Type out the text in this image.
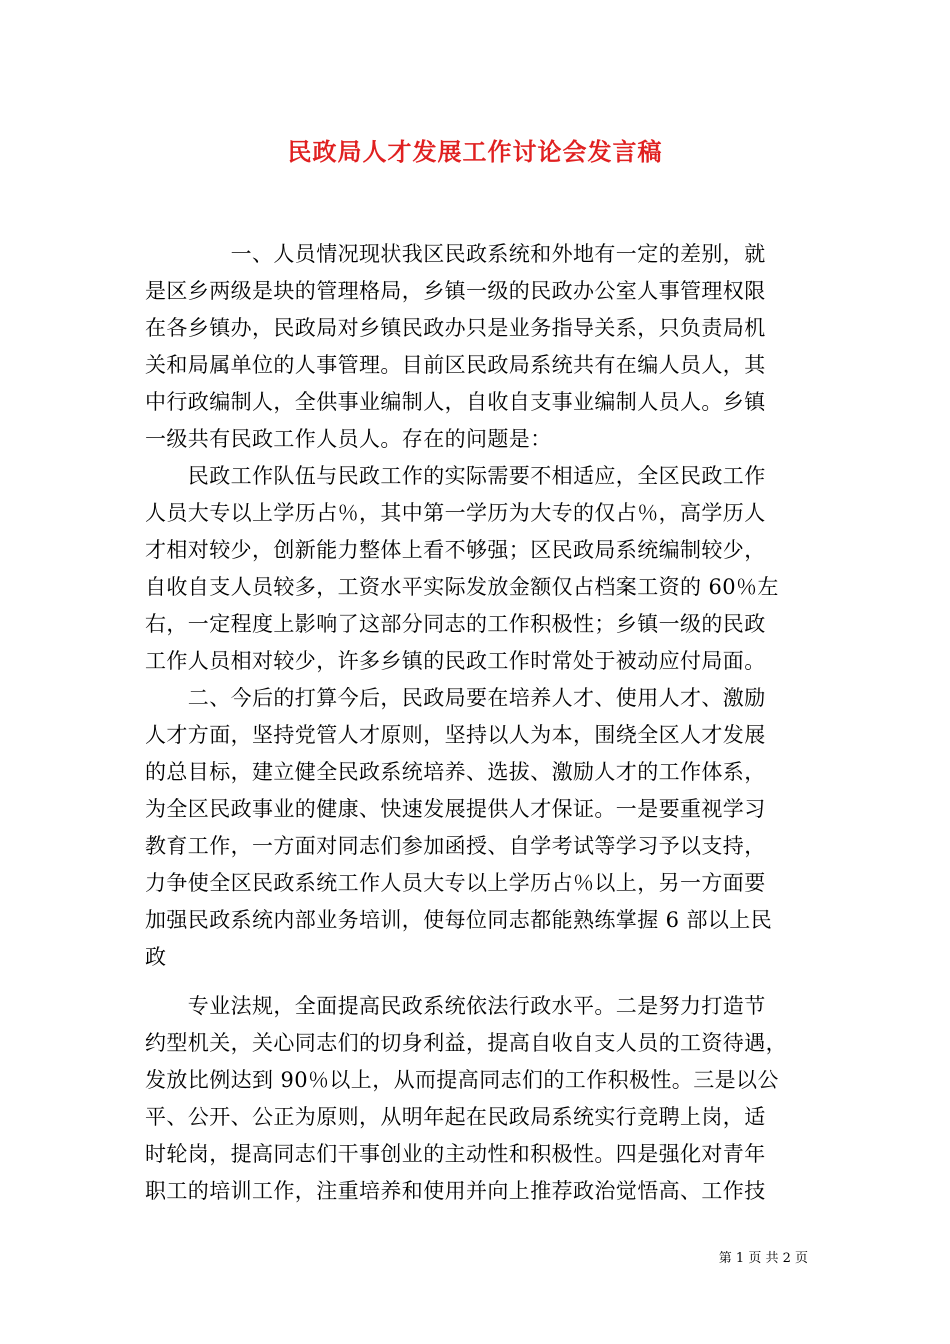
民政局人才发展工作讨论会发言稿
　　　　一、人员情况现状我区民政系统和外地有一定的差别，就
是区乡两级是块的管理格局，乡镇一级的民政办公室人事管理权限
在各乡镇办，民政局对乡镇民政办只是业务指导关系，只负责局机
关和局属单位的人事管理。目前区民政局系统共有在编人员人，其
中行政编制人，全供事业编制人，自收自支事业编制人员人。乡镇
一级共有民政工作人员人。存在的问题是：
　　民政工作队伍与民政工作的实际需要不相适应，全区民政工作
人员大专以上学历占％，其中第一学历为大专的仅占％，高学历人
才相对较少，创新能力整体上看不够强；区民政局系统编制较少，
自收自支人员较多，工资水平实际发放金额仅占档案工资的 60％左
右，一定程度上影响了这部分同志的工作积极性；乡镇一级的民政
工作人员相对较少，许多乡镇的民政工作时常处于被动应付局面。
　　二、今后的打算今后，民政局要在培养人才、使用人才、激励
人才方面，坚持党管人才原则，坚持以人为本，围绕全区人才发展
的总目标，建立健全民政系统培养、选拔、激励人才的工作体系，
为全区民政事业的健康、快速发展提供人才保证。一是要重视学习
教育工作，一方面对同志们参加函授、自学考试等学习予以支持，
力争使全区民政系统工作人员大专以上学历占％以上，另一方面要
加强民政系统内部业务培训，使每位同志都能熟练掌握 6 部以上民
政
　　专业法规，全面提高民政系统依法行政水平。二是努力打造节
约型机关，关心同志们的切身利益，提高自收自支人员的工资待遇，
发放比例达到 90％以上，从而提高同志们的工作积极性。三是以公
平、公开、公正为原则，从明年起在民政局系统实行竞聘上岗，适
时轮岗，提高同志们干事创业的主动性和积极性。四是强化对青年
职工的培训工作，注重培养和使用并向上推荐政治觉悟高、工作技
第 1 页 共 2 页
